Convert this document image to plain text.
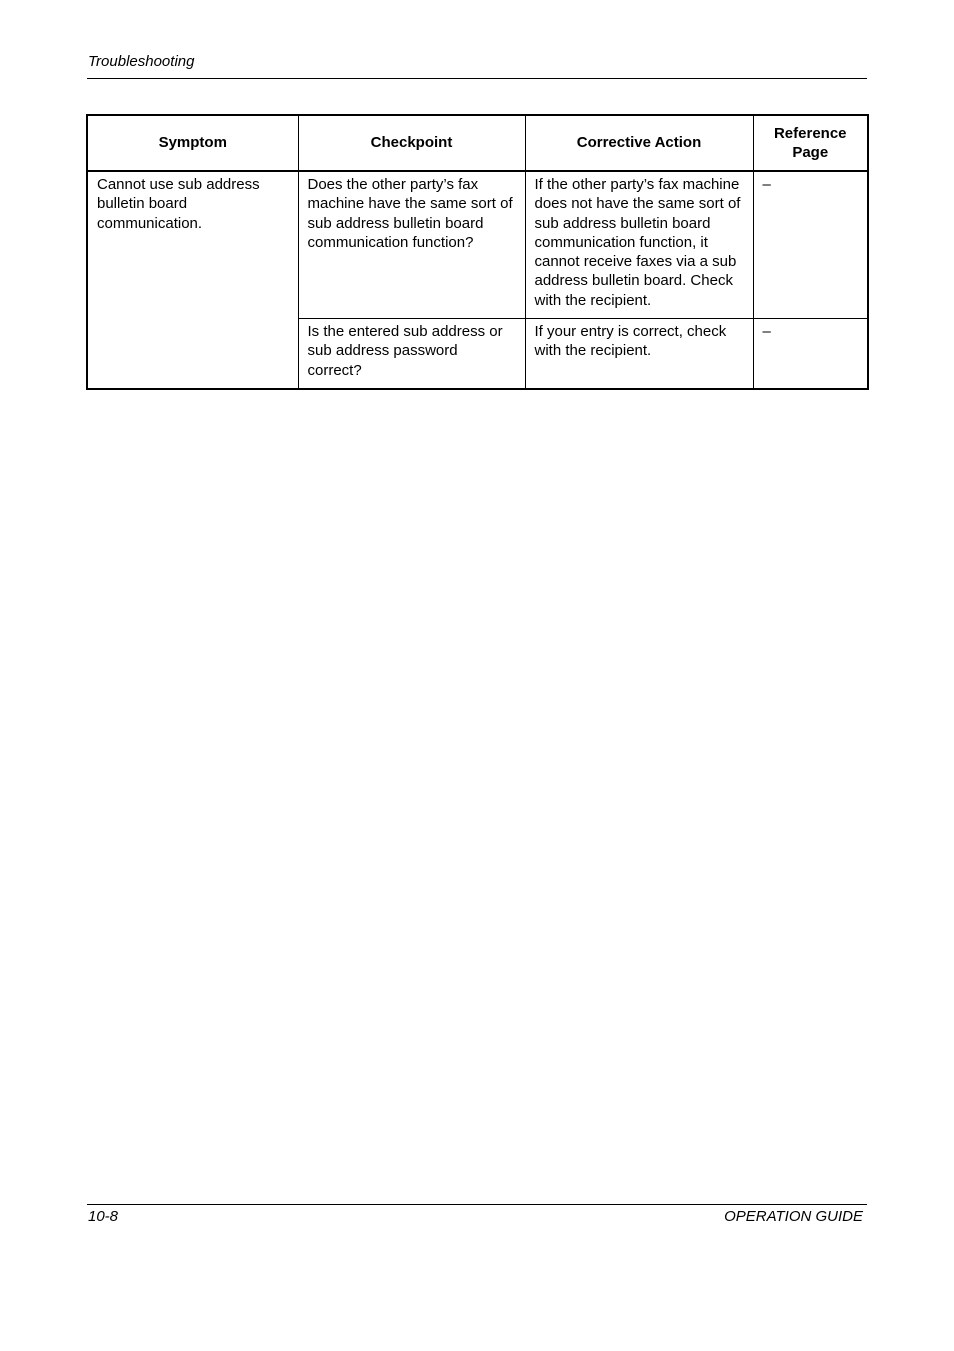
Troubleshooting
Symptom	Checkpoint	Corrective Action	Reference Page
Cannot use sub address bulletin board communication.	Does the other party’s fax machine have the same sort of sub address bulletin board communication function?	If the other party’s fax machine does not have the same sort of sub address bulletin board communication function, it cannot receive faxes via a sub address bulletin board. Check with the recipient.	–
	Is the entered sub address or sub address password correct?	If your entry is correct, check with the recipient.	–
10-8	OPERATION GUIDE
